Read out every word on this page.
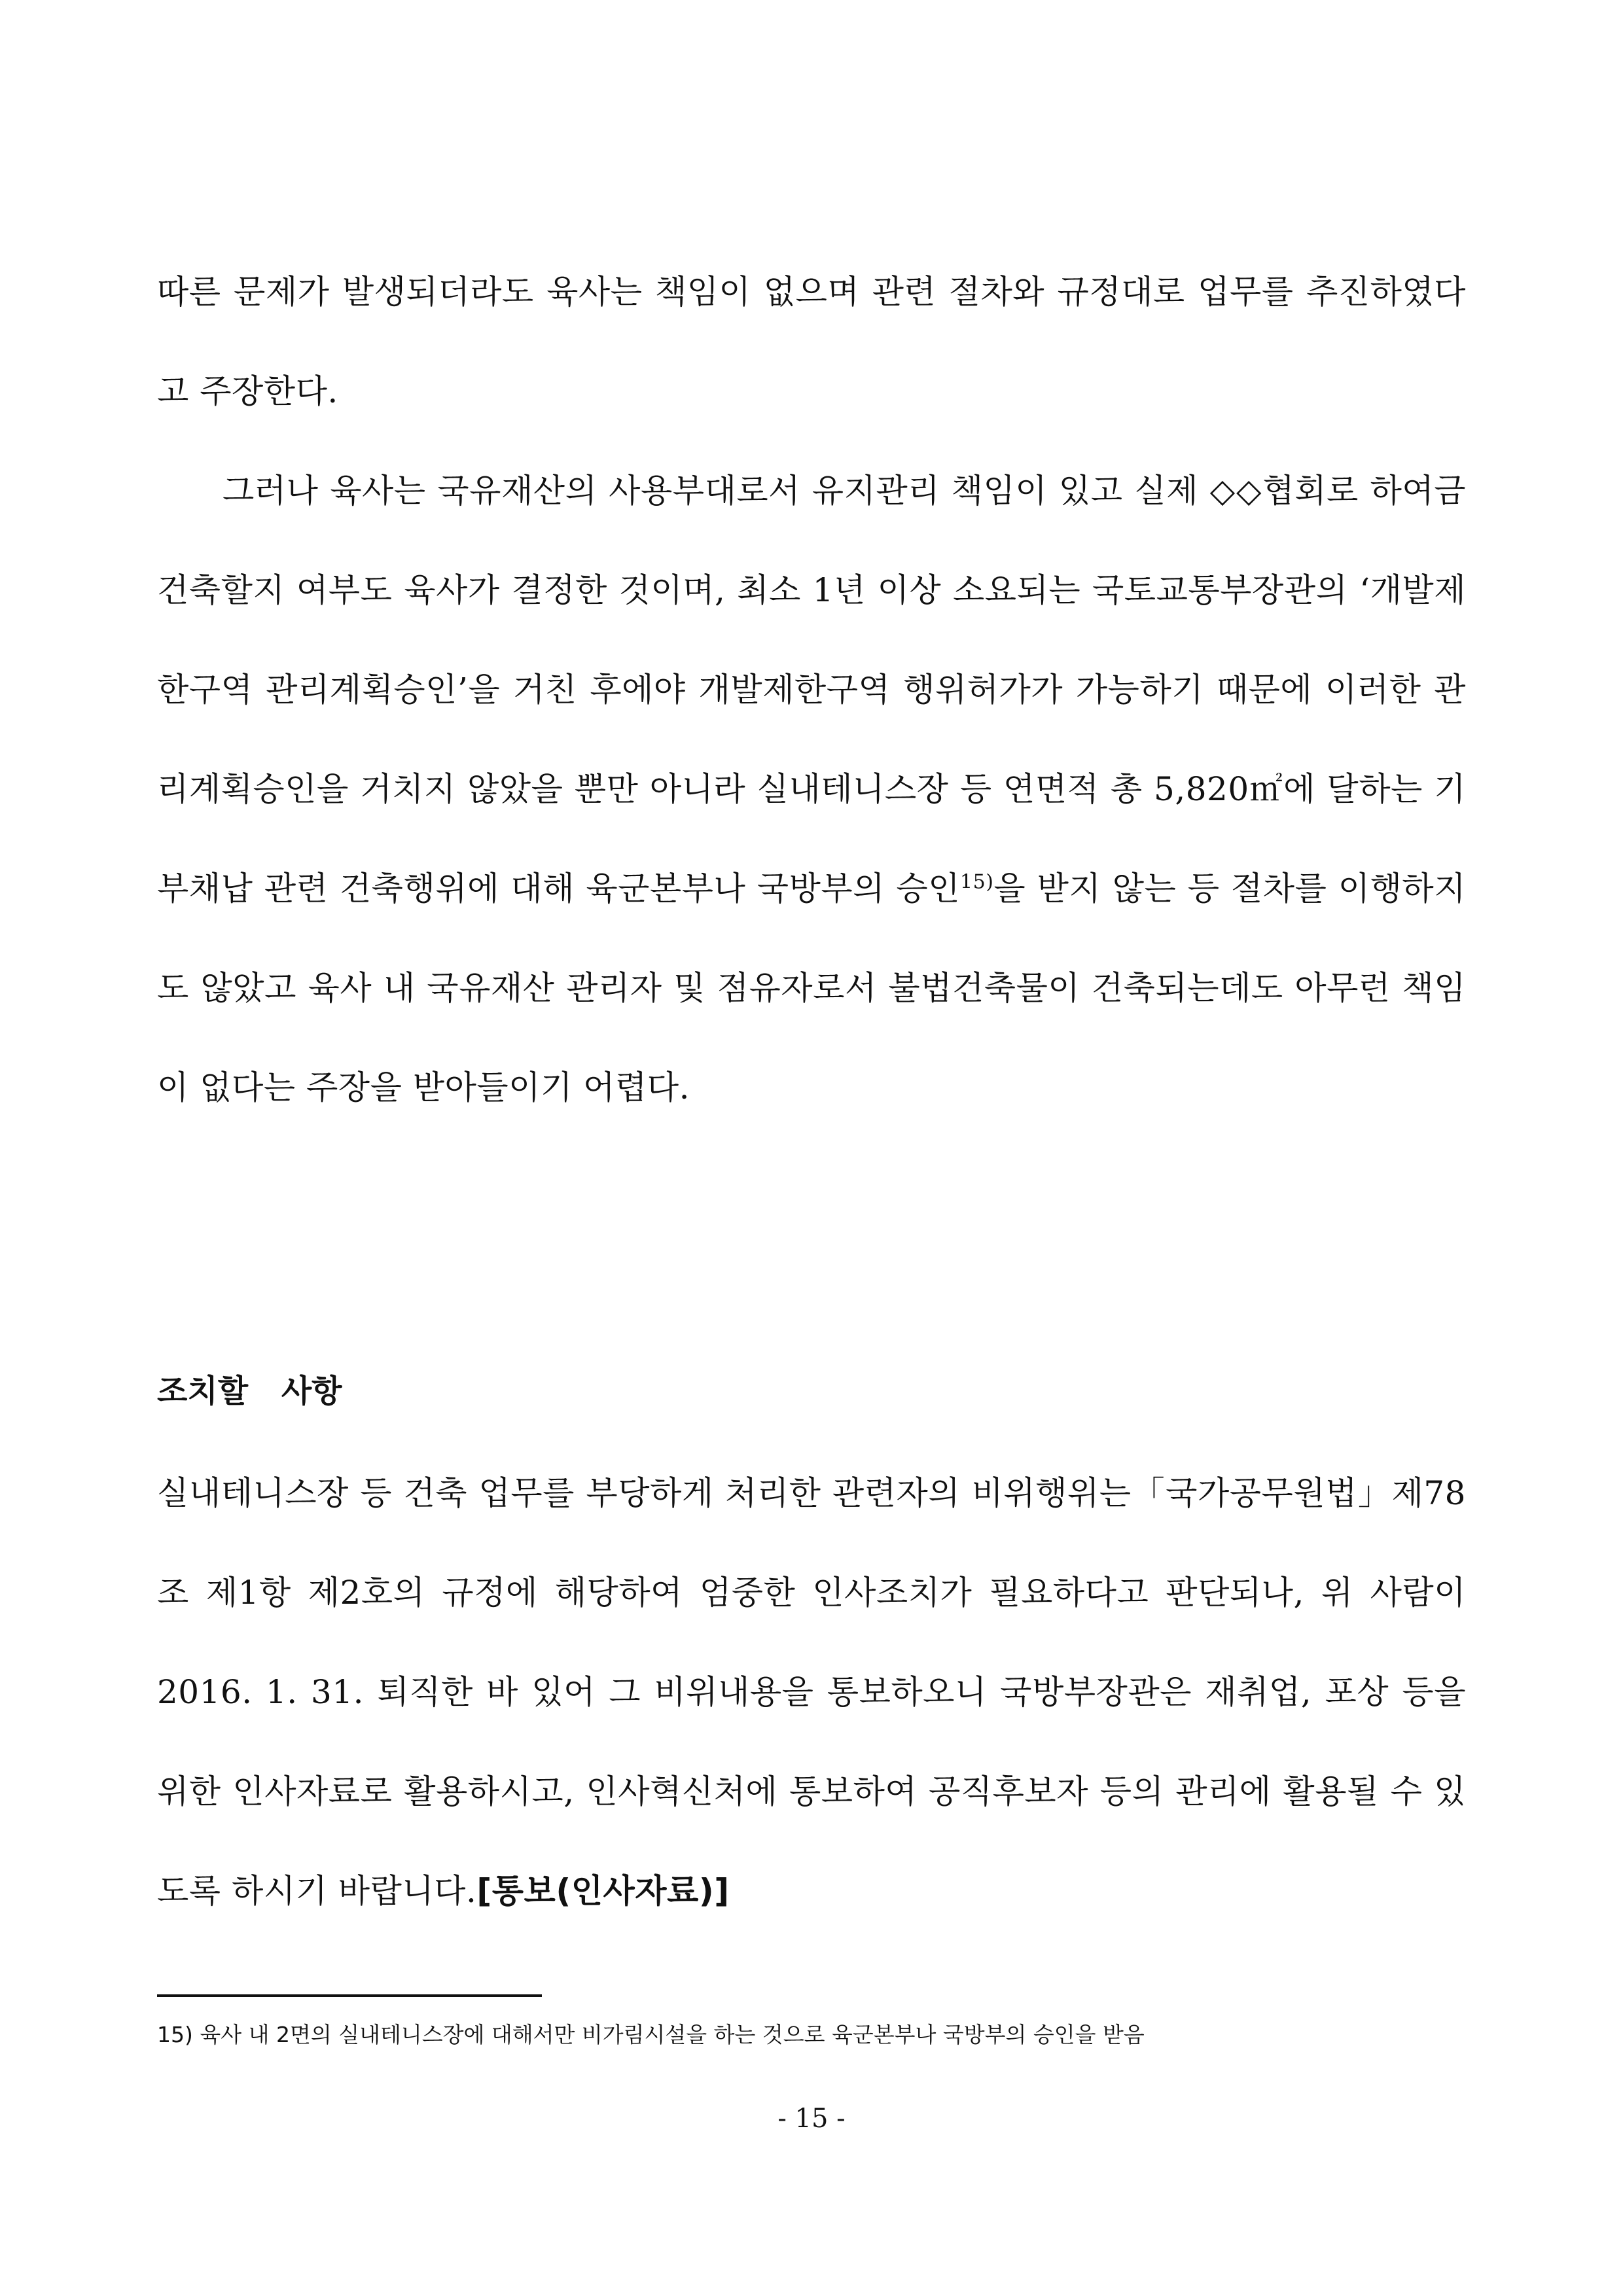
따른 문제가 발생되더라도 육사는 책임이 없으며 관련 절차와 규정대로 업무를 추진하였다고 주장한다.

그러나 육사는 국유재산의 사용부대로서 유지관리 책임이 있고 실제 ◇◇협회로 하여금 건축할지 여부도 육사가 결정한 것이며, 최소 1년 이상 소요되는 국토교통부장관의 ‘개발제한구역 관리계획승인’을 거친 후에야 개발제한구역 행위허가가 가능하기 때문에 이러한 관리계획승인을 거치지 않았을 뿐만 아니라 실내테니스장 등 연면적 총 5,820㎡에 달하는 기부채납 관련 건축행위에 대해 육군본부나 국방부의 승인$^{15)}$을 받지 않는 등 절차를 이행하지도 않았고 육사 내 국유재산 관리자 및 점유자로서 불법건축물이 건축되는데도 아무런 책임이 없다는 주장을 받아들이기 어렵다.

조치할 사항

실내테니스장 등 건축 업무를 부당하게 처리한 관련자의 비위행위는「국가공무원법」제78조 제1항 제2호의 규정에 해당하여 엄중한 인사조치가 필요하다고 판단되나, 위 사람이 2016. 1. 31. 퇴직한 바 있어 그 비위내용을 통보하오니 국방부장관은 재취업, 포상 등을 위한 인사자료로 활용하시고, 인사혁신처에 통보하여 공직후보자 등의 관리에 활용될 수 있도록 하시기 바랍니다.[통보(인사자료)]

15) 육사 내 2면의 실내테니스장에 대해서만 비가림시설을 하는 것으로 육군본부나 국방부의 승인을 받음

- 15 -
